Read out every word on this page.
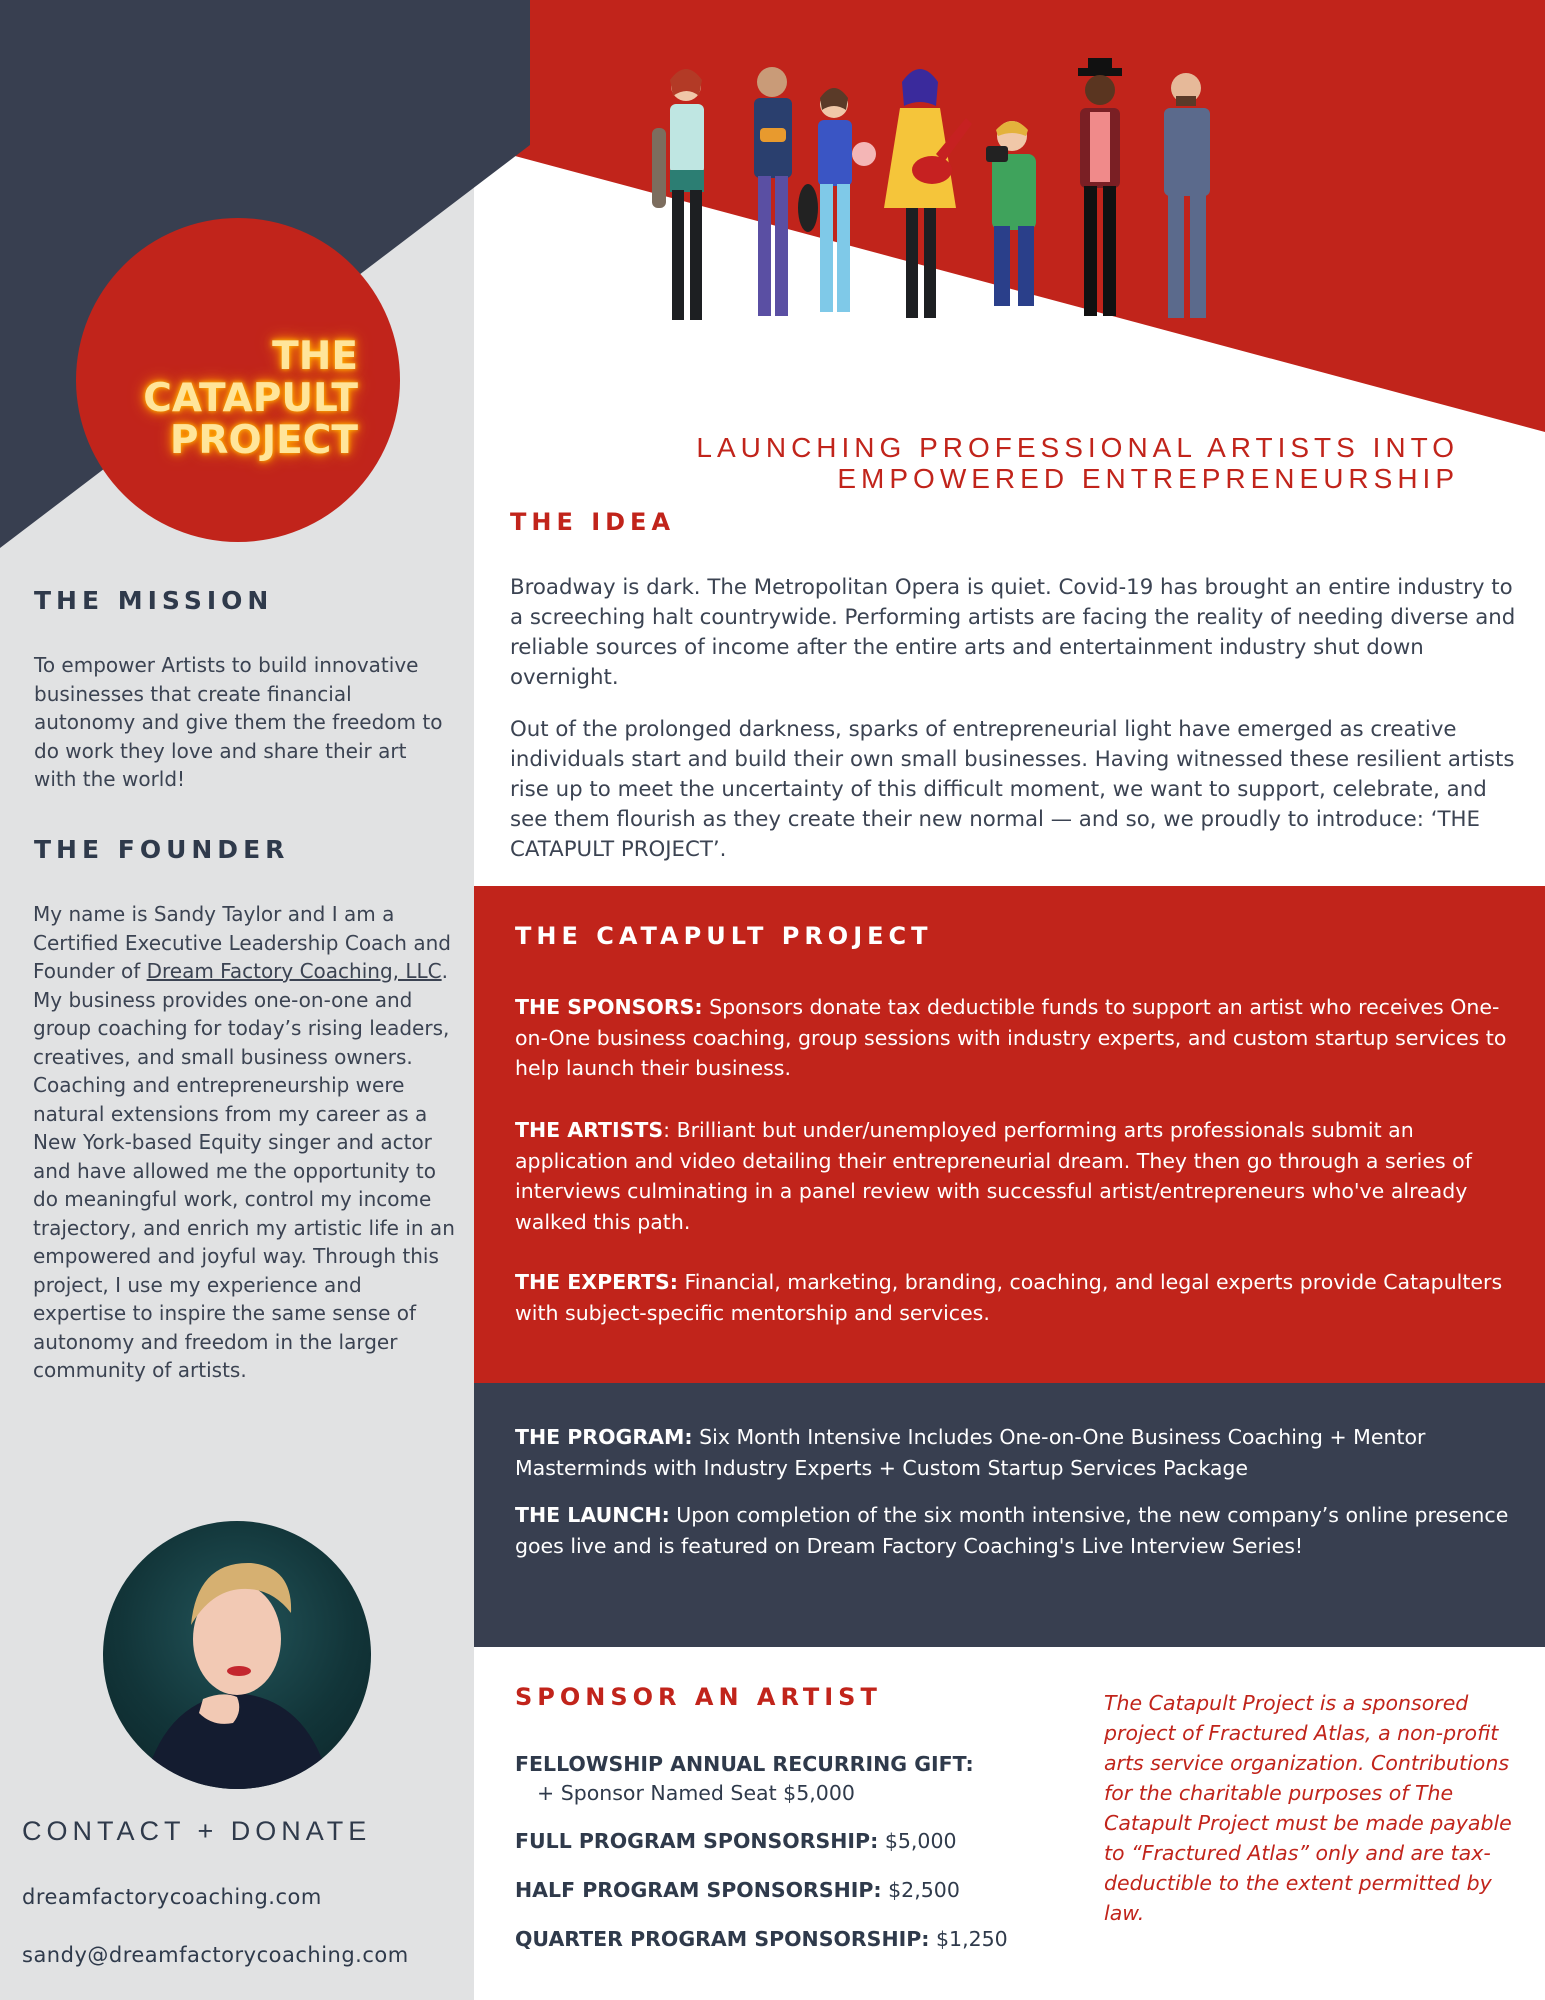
THE
CATAPULT
PROJECT	LAUNCHING PROFESSIONAL ARTISTS INTO
EMPOWERED ENTREPRENEURSHIP
THE MISSION
To empower Artists to build innovative businesses that create financial autonomy and give them the freedom to do work they love and share their art with the world!
THE FOUNDER
My name is Sandy Taylor and I am a Certified Executive Leadership Coach and Founder of Dream Factory Coaching, LLC. My business provides one-on-one and group coaching for today’s rising leaders, creatives, and small business owners. Coaching and entrepreneurship were natural extensions from my career as a New York-based Equity singer and actor and have allowed me the opportunity to do meaningful work, control my income trajectory, and enrich my artistic life in an empowered and joyful way. Through this project, I use my experience and expertise to inspire the same sense of autonomy and freedom in the larger community of artists.
CONTACT + DONATE
dreamfactorycoaching.com
sandy@dreamfactorycoaching.com
THE IDEA
Broadway is dark. The Metropolitan Opera is quiet. Covid-19 has brought an entire industry to a screeching halt countrywide. Performing artists are facing the reality of needing diverse and reliable sources of income after the entire arts and entertainment industry shut down overnight.
Out of the prolonged darkness, sparks of entrepreneurial light have emerged as creative individuals start and build their own small businesses. Having witnessed these resilient artists rise up to meet the uncertainty of this difficult moment, we want to support, celebrate, and see them flourish as they create their new normal — and so, we proudly to introduce: ‘THE CATAPULT PROJECT’.
THE CATAPULT PROJECT
THE SPONSORS: Sponsors donate tax deductible funds to support an artist who receives One-on-One business coaching, group sessions with industry experts, and custom startup services to help launch their business.
THE ARTISTS: Brilliant but under/unemployed performing arts professionals submit an application and video detailing their entrepreneurial dream. They then go through a series of interviews culminating in a panel review with successful artist/entrepreneurs who've already walked this path.
THE EXPERTS: Financial, marketing, branding, coaching, and legal experts provide Catapulters with subject-specific mentorship and services.
THE PROGRAM: Six Month Intensive Includes One-on-One Business Coaching + Mentor Masterminds with Industry Experts + Custom Startup Services Package
THE LAUNCH: Upon completion of the six month intensive, the new company’s online presence goes live and is featured on Dream Factory Coaching's Live Interview Series!
SPONSOR AN ARTIST
FELLOWSHIP ANNUAL RECURRING GIFT:
+ Sponsor Named Seat $5,000
FULL PROGRAM SPONSORSHIP: $5,000
HALF PROGRAM SPONSORSHIP: $2,500
QUARTER PROGRAM SPONSORSHIP: $1,250
The Catapult Project is a sponsored project of Fractured Atlas, a non-profit arts service organization. Contributions for the charitable purposes of The Catapult Project must be made payable to “Fractured Atlas” only and are tax-deductible to the extent permitted by law.
